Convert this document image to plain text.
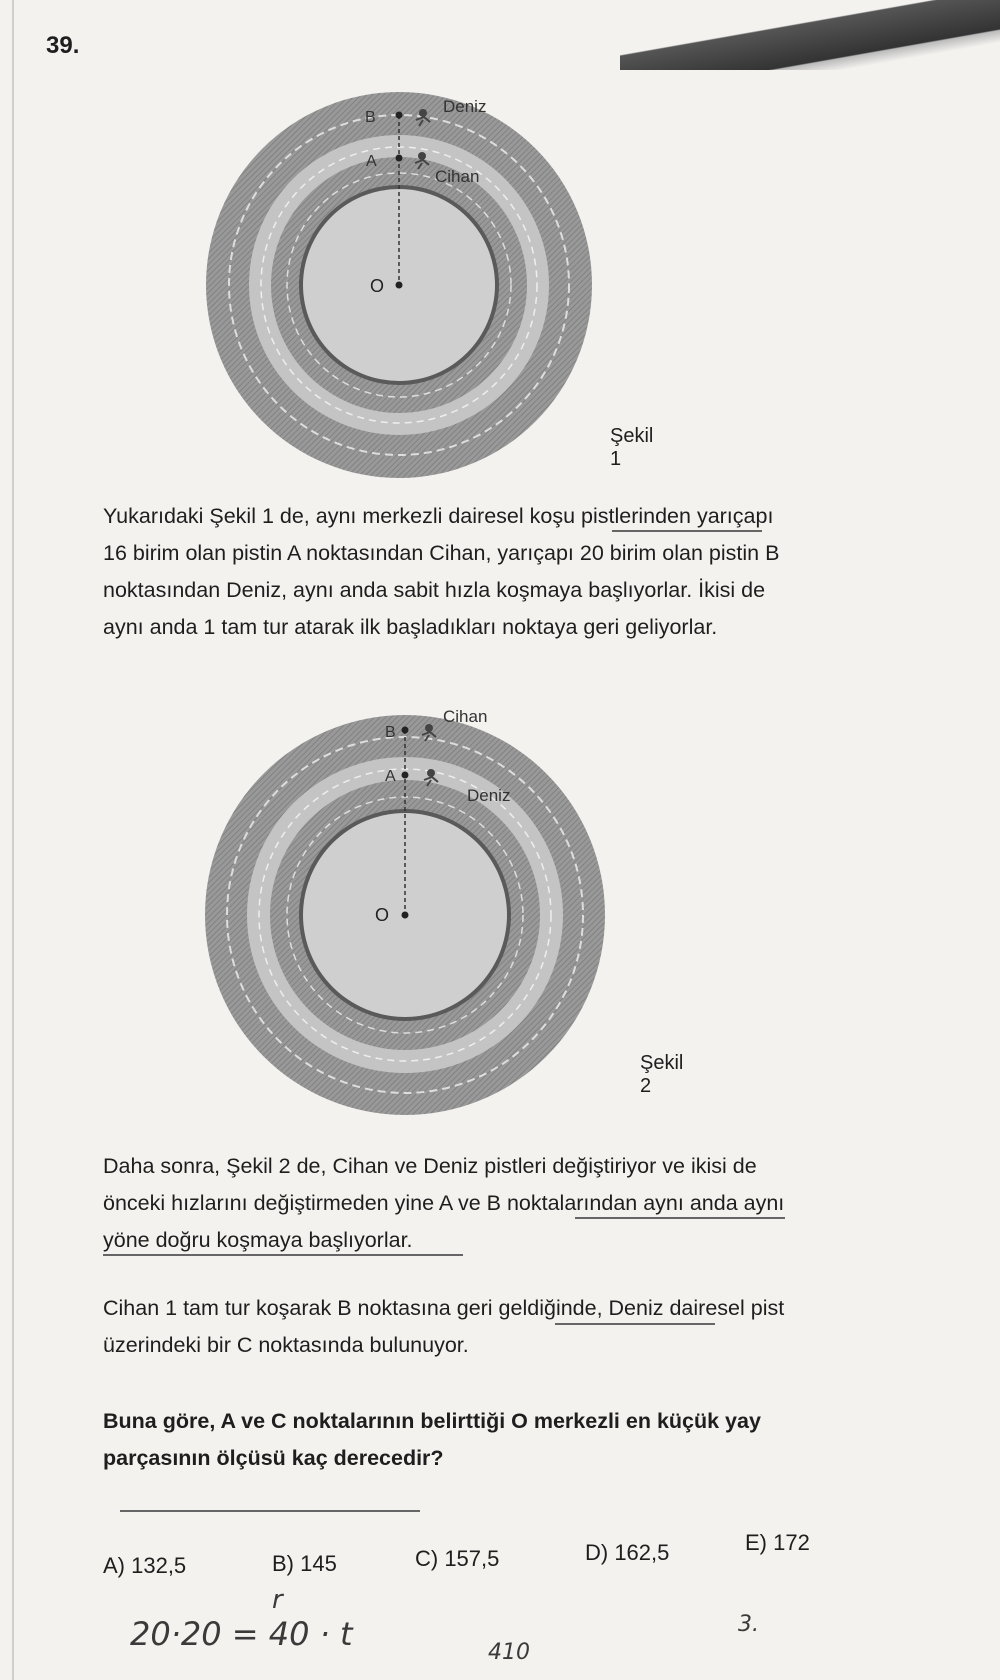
39.
B
A
O
Deniz
Cihan
Şekil 1
Yukarıdaki Şekil 1 de, aynı merkezli dairesel koşu pistlerinden yarıçapı 16 birim olan pistin A noktasından Cihan, yarıçapı 20 birim olan pistin B noktasından Deniz, aynı anda sabit hızla koşmaya başlıyorlar. İkisi de aynı anda 1 tam tur atarak ilk başladıkları noktaya geri geliyorlar.
B
A
O
Cihan
Deniz
Şekil 2
Daha sonra, Şekil 2 de, Cihan ve Deniz pistleri değiştiriyor ve ikisi de önceki hızlarını değiştirmeden yine A ve B noktalarından aynı anda aynı yöne doğru koşmaya başlıyorlar.
Cihan 1 tam tur koşarak B noktasına geri geldiğinde, Deniz dairesel pist üzerindeki bir C noktasında bulunuyor.
Buna göre, A ve C noktalarının belirttiği O merkezli en küçük yay parçasının ölçüsü kaç derecedir?
A) 132,5	B) 145	C) 157,5	D) 162,5	E) 172
20·20 = 40 · t
r
410
3.
